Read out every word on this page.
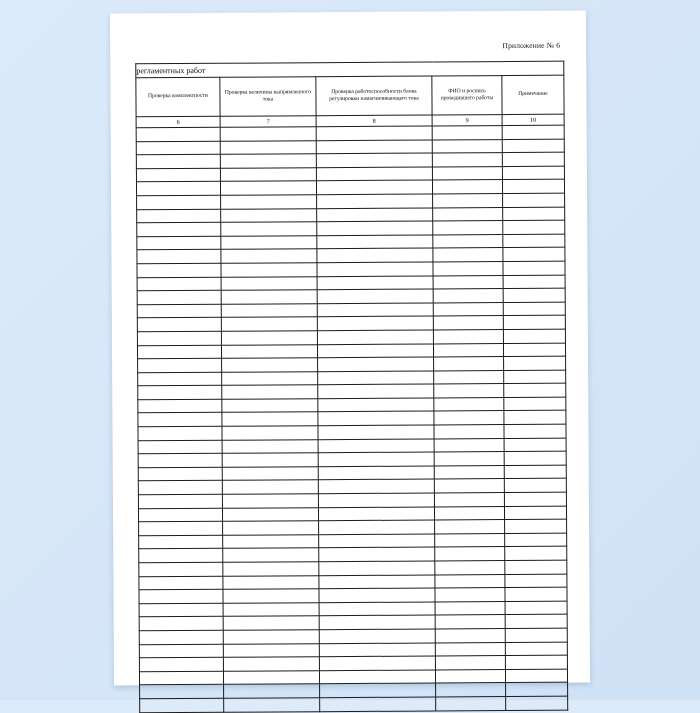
Приложение № 6
регламентных работ				
Проверка комплектности	Проверка величины выпрямленного тока	Проверка работоспособности блока регулировки намагничивающего тока	ФИО и роспись проводившего работы	Примечание
6	7	8	9	10
